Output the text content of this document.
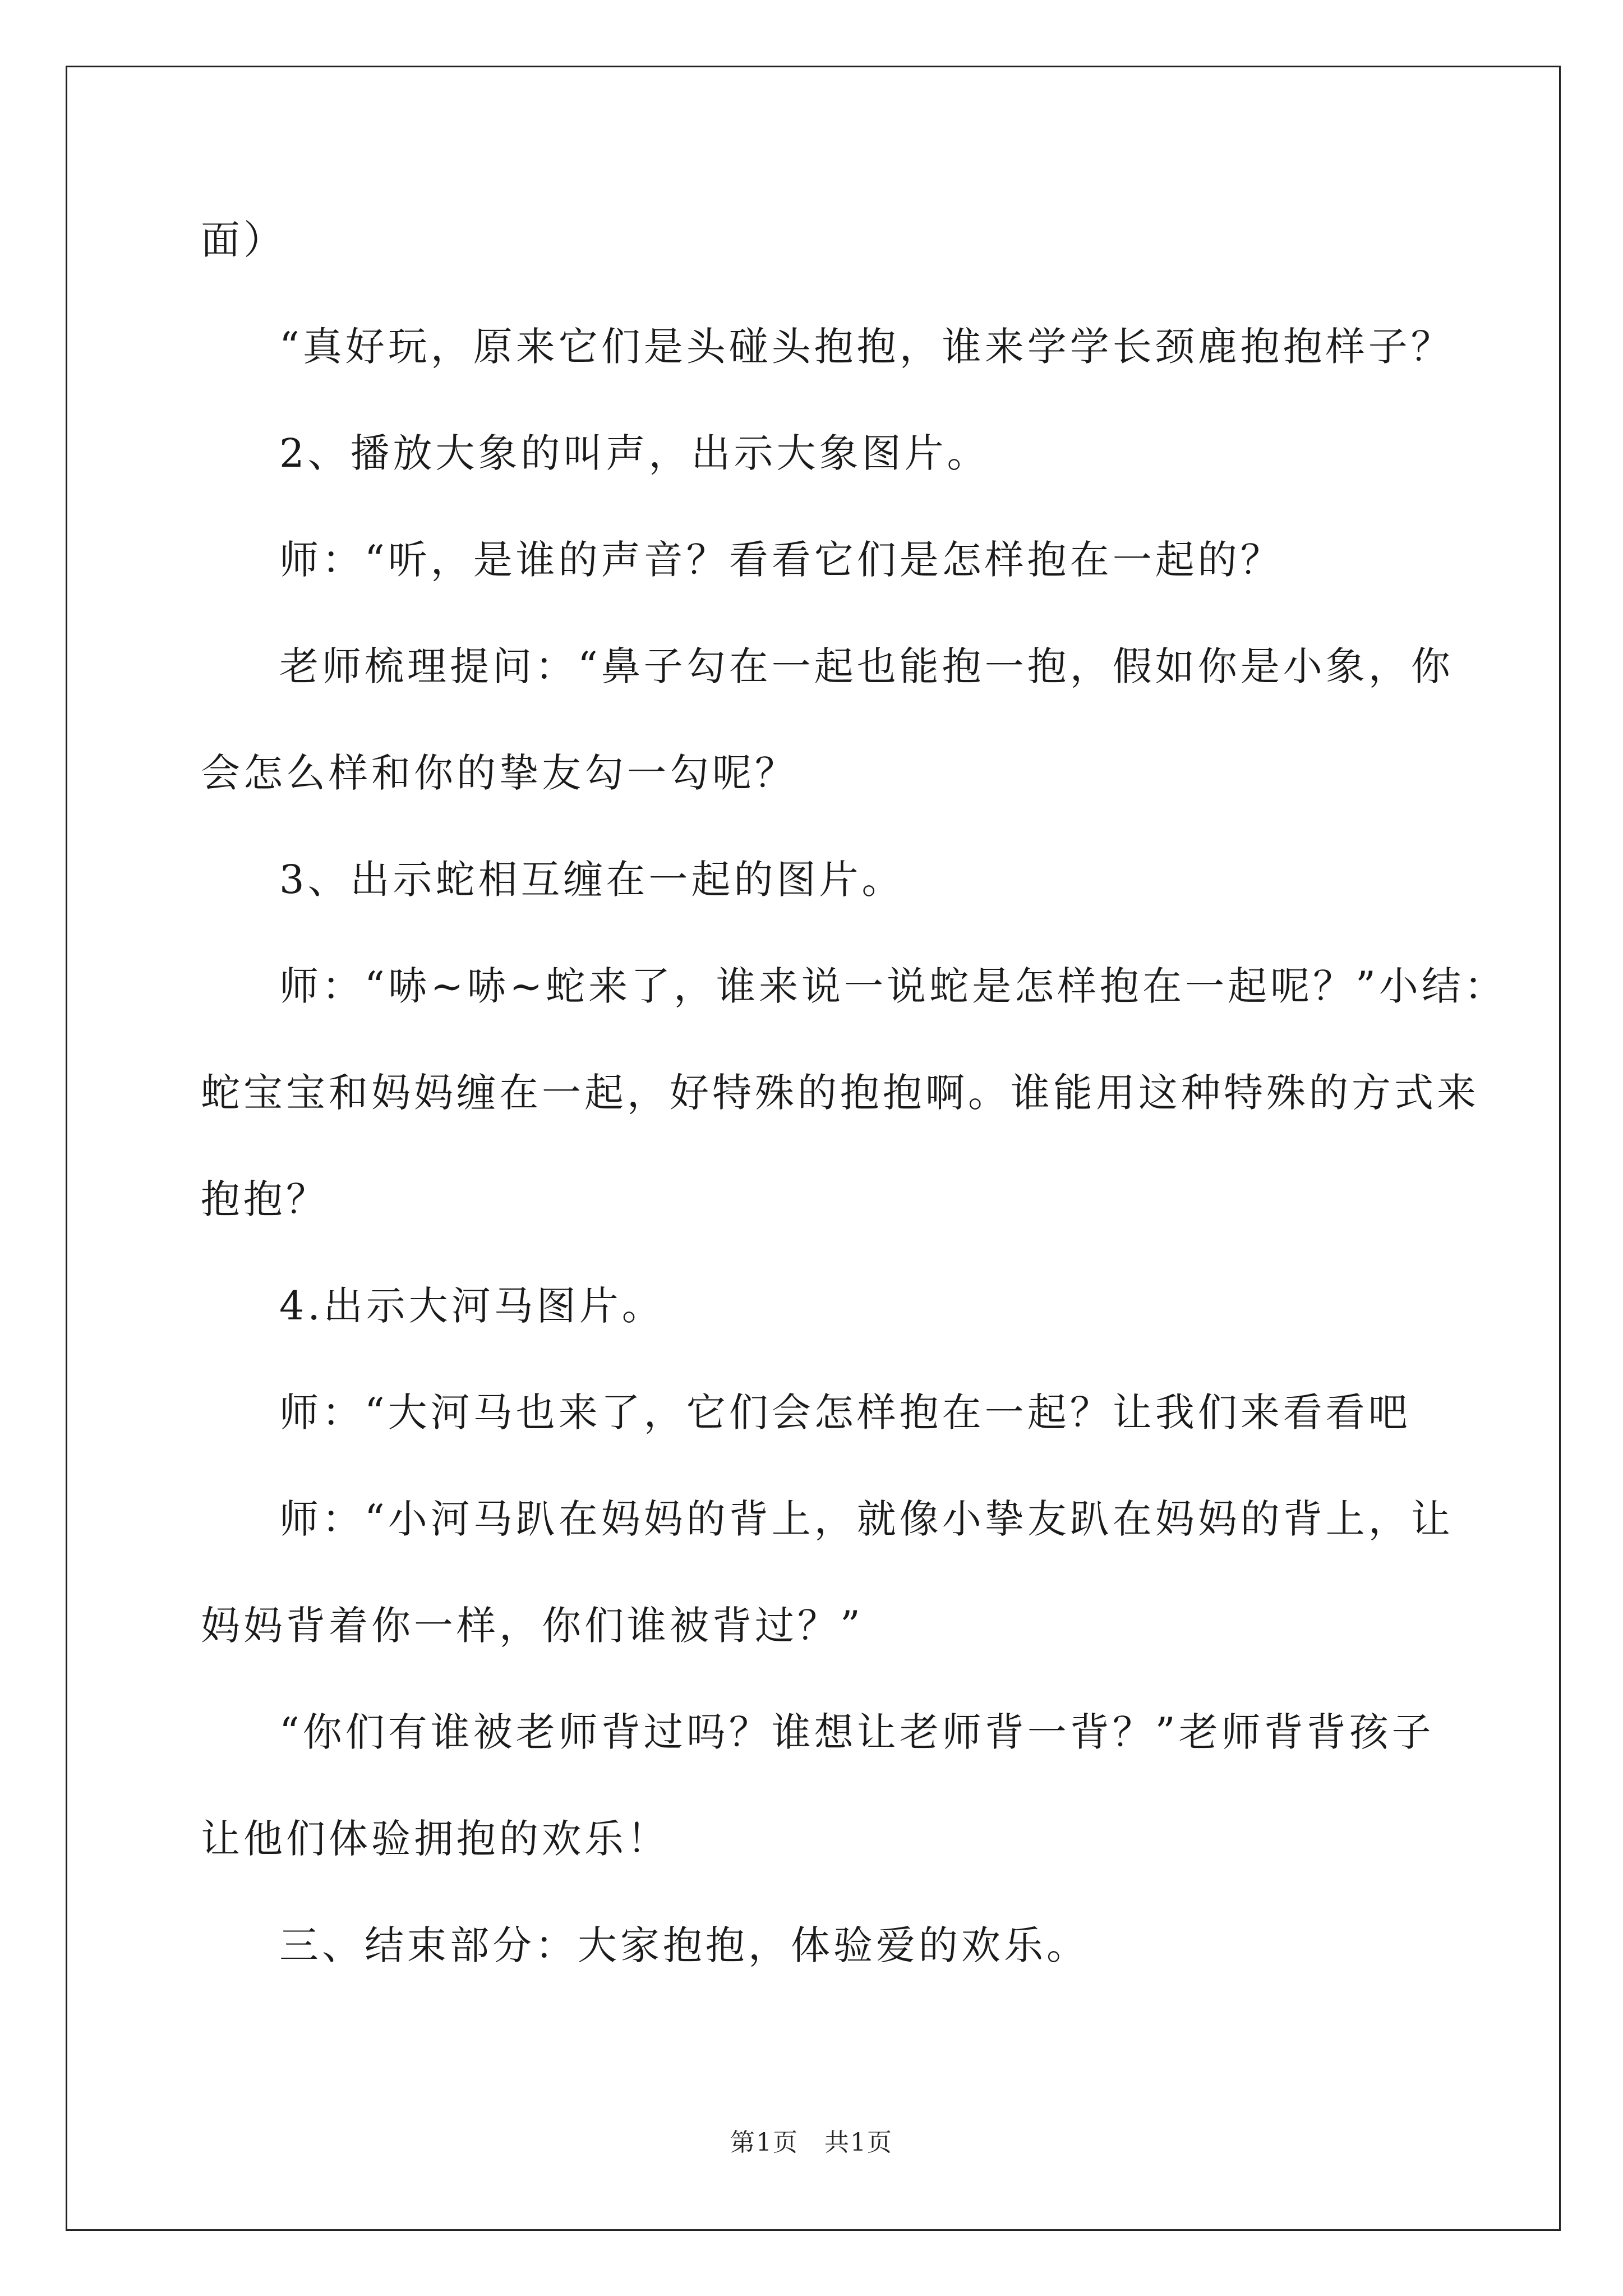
面）
“真好玩，原来它们是头碰头抱抱，谁来学学长颈鹿抱抱样子？
2、播放大象的叫声，出示大象图片。
师：“听，是谁的声音？看看它们是怎样抱在一起的？
老师梳理提问：“鼻子勾在一起也能抱一抱，假如你是小象，你
会怎么样和你的挚友勾一勾呢？
3、出示蛇相互缠在一起的图片。
师：“哧~哧~蛇来了，谁来说一说蛇是怎样抱在一起呢？”小结：
蛇宝宝和妈妈缠在一起，好特殊的抱抱啊。谁能用这种特殊的方式来
抱抱？
4.出示大河马图片。
师：“大河马也来了，它们会怎样抱在一起？让我们来看看吧
师：“小河马趴在妈妈的背上，就像小挚友趴在妈妈的背上，让
妈妈背着你一样，你们谁被背过？”
“你们有谁被老师背过吗？谁想让老师背一背？”老师背背孩子
让他们体验拥抱的欢乐！
三、结束部分：大家抱抱，体验爱的欢乐。
第1页　共1页
